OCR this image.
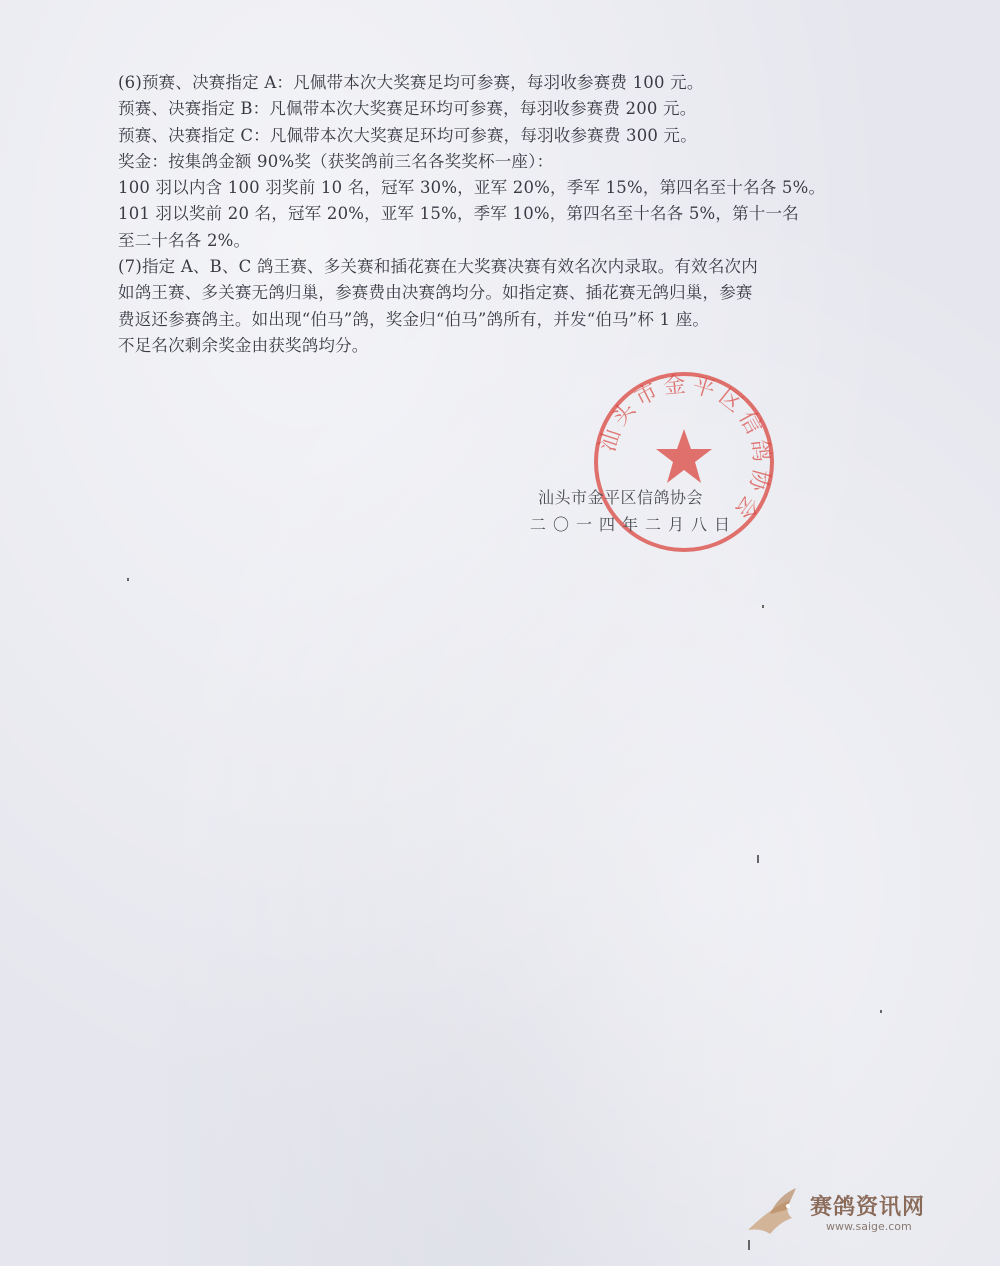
(6)预赛、决赛指定 A：凡佩带本次大奖赛足均可参赛，每羽收参赛费 100 元。
预赛、决赛指定 B：凡佩带本次大奖赛足环均可参赛，每羽收参赛费 200 元。
预赛、决赛指定 C：凡佩带本次大奖赛足环均可参赛，每羽收参赛费 300 元。
奖金：按集鸽金额 90%奖（获奖鸽前三名各奖奖杯一座）：
100 羽以内含 100 羽奖前 10 名，冠军 30%，亚军 20%，季军 15%，第四名至十名各 5%。
101 羽以奖前 20 名，冠军 20%，亚军 15%，季军 10%，第四名至十名各 5%，第十一名
至二十名各 2%。
(7)指定 A、B、C 鸽王赛、多关赛和插花赛在大奖赛决赛有效名次内录取。有效名次内
如鸽王赛、多关赛无鸽归巢，参赛费由决赛鸽均分。如指定赛、插花赛无鸽归巢，参赛
费返还参赛鸽主。如出现“伯马”鸽，奖金归“伯马”鸽所有，并发“伯马”杯 1 座。
不足名次剩余奖金由获奖鸽均分。
汕头市金平区信鸽协会
汕头市金平区信鸽协会
二〇一四年二月八日
赛鸽资讯网
www.saige.com
